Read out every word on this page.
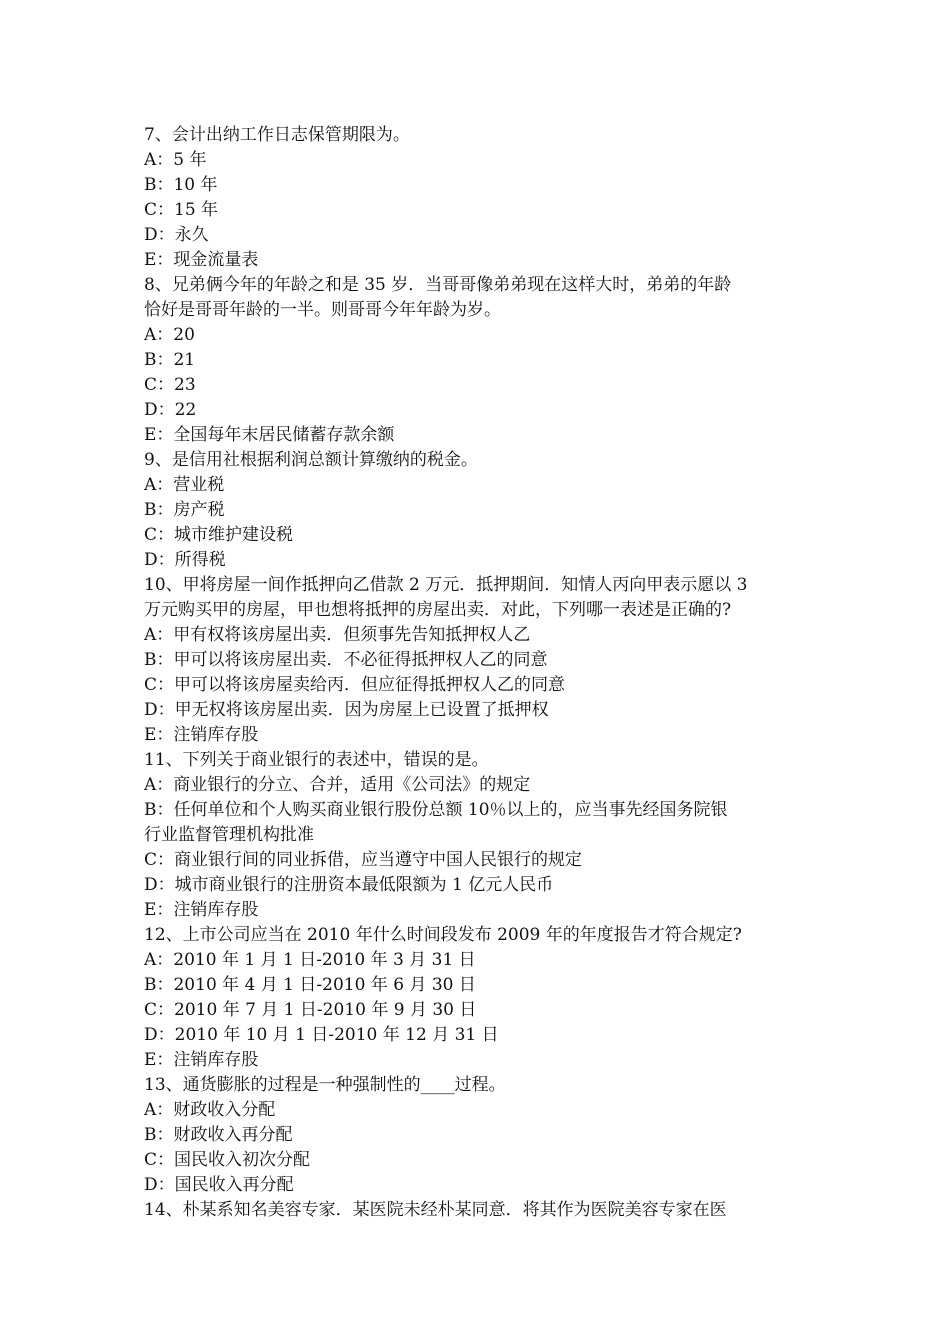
7、会计出纳工作日志保管期限为。
A：5 年
B：10 年
C：15 年
D：永久
E：现金流量表
8、兄弟俩今年的年龄之和是 35 岁．当哥哥像弟弟现在这样大时，弟弟的年龄
恰好是哥哥年龄的一半。则哥哥今年年龄为岁。
A：20
B：21
C：23
D：22
E：全国每年末居民储蓄存款余额
9、是信用社根据利润总额计算缴纳的税金。
A：营业税
B：房产税
C：城市维护建设税
D：所得税
10、甲将房屋一间作抵押向乙借款 2 万元．抵押期间．知情人丙向甲表示愿以 3
万元购买甲的房屋，甲也想将抵押的房屋出卖．对此，下列哪一表述是正确的?
A：甲有权将该房屋出卖．但须事先告知抵押权人乙
B：甲可以将该房屋出卖．不必征得抵押权人乙的同意
C：甲可以将该房屋卖给丙．但应征得抵押权人乙的同意
D：甲无权将该房屋出卖．因为房屋上已设置了抵押权
E：注销库存股
11、下列关于商业银行的表述中，错误的是。
A：商业银行的分立、合并，适用《公司法》的规定
B：任何单位和个人购买商业银行股份总额 10％以上的，应当事先经国务院银
行业监督管理机构批准
C：商业银行间的同业拆借，应当遵守中国人民银行的规定
D：城市商业银行的注册资本最低限额为 1 亿元人民币
E：注销库存股
12、上市公司应当在 2010 年什么时间段发布 2009 年的年度报告才符合规定?
A：2010 年 1 月 1 日-2010 年 3 月 31 日
B：2010 年 4 月 1 日-2010 年 6 月 30 日
C：2010 年 7 月 1 日-2010 年 9 月 30 日
D：2010 年 10 月 1 日-2010 年 12 月 31 日
E：注销库存股
13、通货膨胀的过程是一种强制性的____过程。
A：财政收入分配
B：财政收入再分配
C：国民收入初次分配
D：国民收入再分配
14、朴某系知名美容专家．某医院未经朴某同意．将其作为医院美容专家在医
